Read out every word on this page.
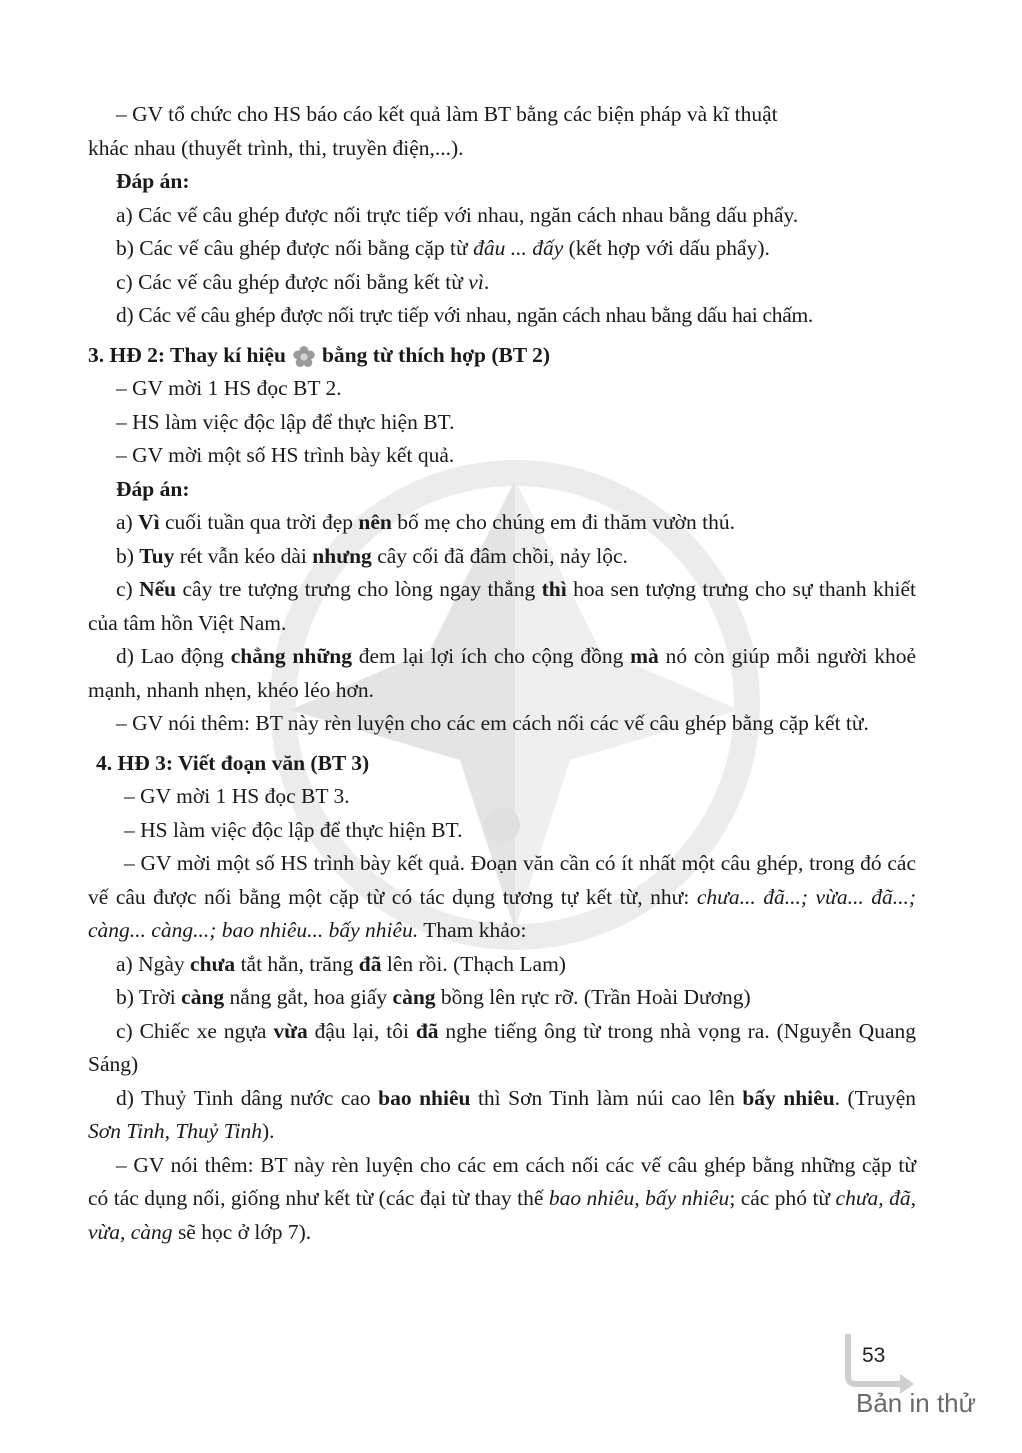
– GV tổ chức cho HS báo cáo kết quả làm BT bằng các biện pháp và kĩ thuật
khác nhau (thuyết trình, thi, truyền điện,...).

Đáp án:

a) Các vế câu ghép được nối trực tiếp với nhau, ngăn cách nhau bằng dấu phẩy.

b) Các vế câu ghép được nối bằng cặp từ đâu ... đấy (kết hợp với dấu phẩy).

c) Các vế câu ghép được nối bằng kết từ vì.

d) Các vế câu ghép được nối trực tiếp với nhau, ngăn cách nhau bằng dấu hai chấm.

3. HĐ 2: Thay kí hiệu bằng từ thích hợp (BT 2)

– GV mời 1 HS đọc BT 2.

– HS làm việc độc lập để thực hiện BT.

– GV mời một số HS trình bày kết quả.

Đáp án:

a) Vì cuối tuần qua trời đẹp nên bố mẹ cho chúng em đi thăm vườn thú.

b) Tuy rét vẫn kéo dài nhưng cây cối đã đâm chồi, nảy lộc.

c) Nếu cây tre tượng trưng cho lòng ngay thẳng thì hoa sen tượng trưng cho sự thanh khiết của tâm hồn Việt Nam.

d) Lao động chẳng những đem lại lợi ích cho cộng đồng mà nó còn giúp mỗi người khoẻ mạnh, nhanh nhẹn, khéo léo hơn.

– GV nói thêm: BT này rèn luyện cho các em cách nối các vế câu ghép bằng cặp kết từ.

4. HĐ 3: Viết đoạn văn (BT 3)

– GV mời 1 HS đọc BT 3.

– HS làm việc độc lập để thực hiện BT.

– GV mời một số HS trình bày kết quả. Đoạn văn cần có ít nhất một câu ghép, trong đó các vế câu được nối bằng một cặp từ có tác dụng tương tự kết từ, như: chưa... đã...; vừa... đã...; càng... càng...; bao nhiêu... bấy nhiêu. Tham khảo:

a) Ngày chưa tắt hẳn, trăng đã lên rồi. (Thạch Lam)

b) Trời càng nắng gắt, hoa giấy càng bồng lên rực rỡ. (Trần Hoài Dương)

c) Chiếc xe ngựa vừa đậu lại, tôi đã nghe tiếng ông từ trong nhà vọng ra. (Nguyễn Quang Sáng)

d) Thuỷ Tinh dâng nước cao bao nhiêu thì Sơn Tinh làm núi cao lên bấy nhiêu. (Truyện Sơn Tinh, Thuỷ Tinh).

– GV nói thêm: BT này rèn luyện cho các em cách nối các vế câu ghép bằng những cặp từ có tác dụng nối, giống như kết từ (các đại từ thay thế bao nhiêu, bấy nhiêu; các phó từ chưa, đã, vừa, càng sẽ học ở lớp 7).

53
Bản in thử
